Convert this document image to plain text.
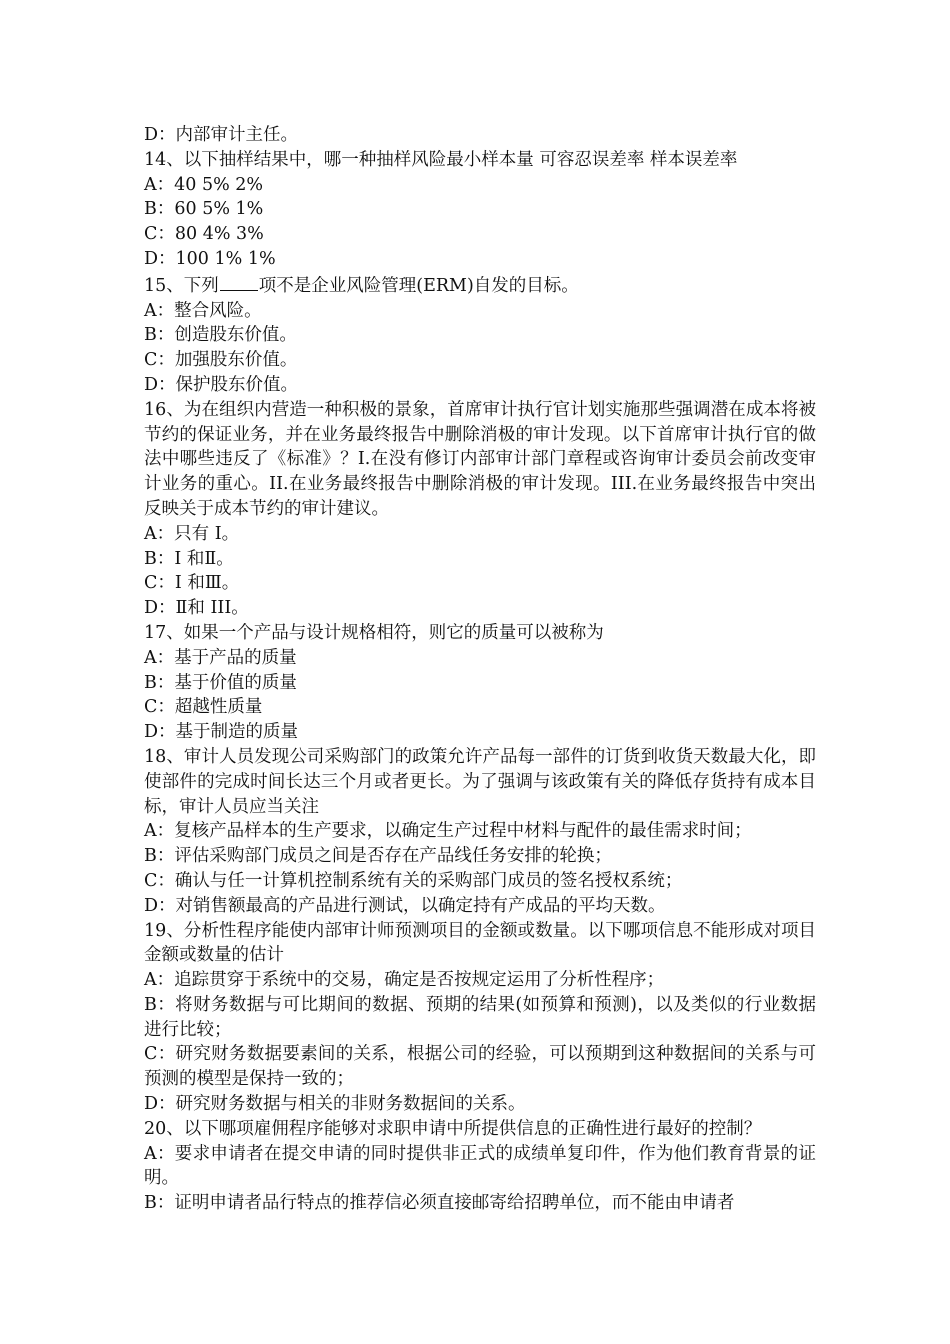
D：内部审计主任。
14、以下抽样结果中，哪一种抽样风险最小样本量 可容忍误差率 样本误差率
A：40 5% 2%
B：60 5% 1%
C：80 4% 3%
D：100 1% 1%
15、下列 项不是企业风险管理(ERM)自发的目标。
A：整合风险。
B：创造股东价值。
C：加强股东价值。
D：保护股东价值。
16、为在组织内营造一种积极的景象，首席审计执行官计划实施那些强调潜在成本将被节约的保证业务，并在业务最终报告中删除消极的审计发现。以下首席审计执行官的做法中哪些违反了《标准》？I.在没有修订内部审计部门章程或咨询审计委员会前改变审计业务的重心。II.在业务最终报告中删除消极的审计发现。III.在业务最终报告中突出反映关于成本节约的审计建议。
A：只有 I。
B：I 和Ⅱ。
C：I 和Ⅲ。
D：Ⅱ和 III。
17、如果一个产品与设计规格相符，则它的质量可以被称为
A：基于产品的质量
B：基于价值的质量
C：超越性质量
D：基于制造的质量
18、审计人员发现公司采购部门的政策允许产品每一部件的订货到收货天数最大化，即使部件的完成时间长达三个月或者更长。为了强调与该政策有关的降低存货持有成本目标，审计人员应当关注
A：复核产品样本的生产要求，以确定生产过程中材料与配件的最佳需求时间；
B：评估采购部门成员之间是否存在产品线任务安排的轮换；
C：确认与任一计算机控制系统有关的采购部门成员的签名授权系统；
D：对销售额最高的产品进行测试，以确定持有产成品的平均天数。
19、分析性程序能使内部审计师预测项目的金额或数量。以下哪项信息不能形成对项目金额或数量的估计
A：追踪贯穿于系统中的交易，确定是否按规定运用了分析性程序；
B：将财务数据与可比期间的数据、预期的结果(如预算和预测)，以及类似的行业数据进行比较；
C：研究财务数据要素间的关系，根据公司的经验，可以预期到这种数据间的关系与可预测的模型是保持一致的；
D：研究财务数据与相关的非财务数据间的关系。
20、以下哪项雇佣程序能够对求职申请中所提供信息的正确性进行最好的控制？
A：要求申请者在提交申请的同时提供非正式的成绩单复印件，作为他们教育背景的证明。
B：证明申请者品行特点的推荐信必须直接邮寄给招聘单位，而不能由申请者
